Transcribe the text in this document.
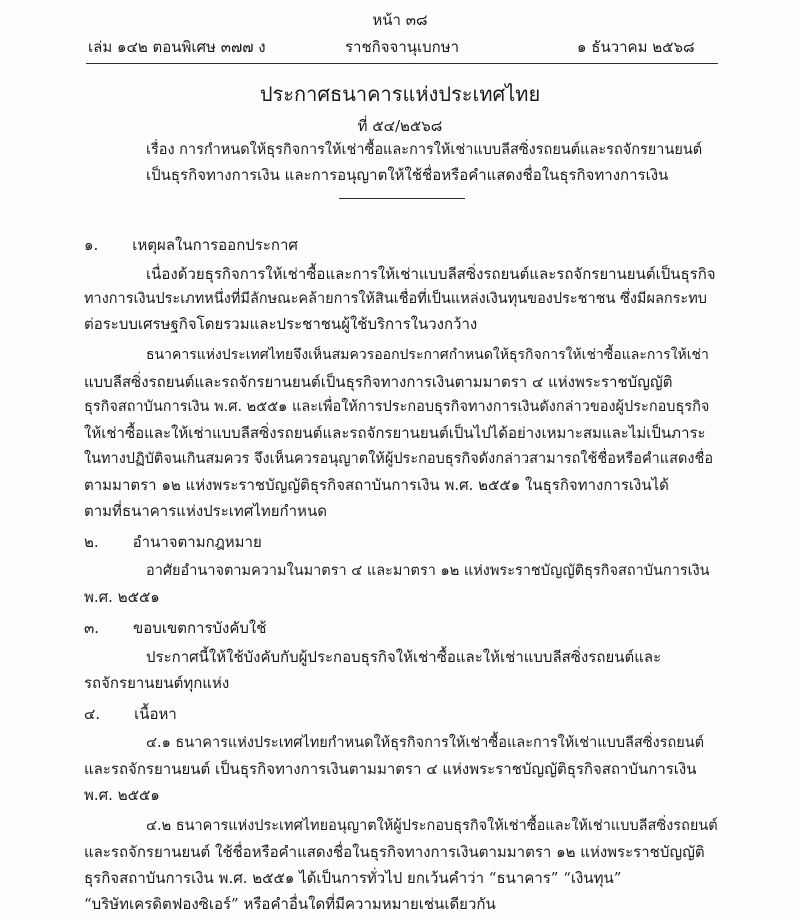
หน้า ๓๘
เล่ม ๑๔๒ ตอนพิเศษ ๓๗๗ ง	ราชกิจจานุเบกษา	๑ ธันวาคม ๒๕๖๘
ประกาศธนาคารแห่งประเทศไทย
ที่ ๕๔/๒๕๖๘
เรื่อง การกำหนดให้ธุรกิจการให้เช่าซื้อและการให้เช่าแบบลีสซิ่งรถยนต์และรถจักรยานยนต์
เป็นธุรกิจทางการเงิน และการอนุญาตให้ใช้ชื่อหรือคำแสดงชื่อในธุรกิจทางการเงิน
๑. เหตุผลในการออกประกาศ
เนื่องด้วยธุรกิจการให้เช่าซื้อและการให้เช่าแบบลีสซิ่งรถยนต์และรถจักรยานยนต์เป็นธุรกิจ
ทางการเงินประเภทหนึ่งที่มีลักษณะคล้ายการให้สินเชื่อที่เป็นแหล่งเงินทุนของประชาชน ซึ่งมีผลกระทบ
ต่อระบบเศรษฐกิจโดยรวมและประชาชนผู้ใช้บริการในวงกว้าง
ธนาคารแห่งประเทศไทยจึงเห็นสมควรออกประกาศกำหนดให้ธุรกิจการให้เช่าซื้อและการให้เช่า
แบบลีสซิ่งรถยนต์และรถจักรยานยนต์เป็นธุรกิจทางการเงินตามมาตรา ๔ แห่งพระราชบัญญัติ
ธุรกิจสถาบันการเงิน พ.ศ. ๒๕๕๑ และเพื่อให้การประกอบธุรกิจทางการเงินดังกล่าวของผู้ประกอบธุรกิจ
ให้เช่าซื้อและให้เช่าแบบลีสซิ่งรถยนต์และรถจักรยานยนต์เป็นไปได้อย่างเหมาะสมและไม่เป็นภาระ
ในทางปฏิบัติจนเกินสมควร จึงเห็นควรอนุญาตให้ผู้ประกอบธุรกิจดังกล่าวสามารถใช้ชื่อหรือคำแสดงชื่อ
ตามมาตรา ๑๒ แห่งพระราชบัญญัติธุรกิจสถาบันการเงิน พ.ศ. ๒๕๕๑ ในธุรกิจทางการเงินได้
ตามที่ธนาคารแห่งประเทศไทยกำหนด
๒. อำนาจตามกฎหมาย
อาศัยอำนาจตามความในมาตรา ๔ และมาตรา ๑๒ แห่งพระราชบัญญัติธุรกิจสถาบันการเงิน
พ.ศ. ๒๕๕๑
๓. ขอบเขตการบังคับใช้
ประกาศนี้ให้ใช้บังคับกับผู้ประกอบธุรกิจให้เช่าซื้อและให้เช่าแบบลีสซิ่งรถยนต์และ
รถจักรยานยนต์ทุกแห่ง
๔. เนื้อหา
๔.๑ ธนาคารแห่งประเทศไทยกำหนดให้ธุรกิจการให้เช่าซื้อและการให้เช่าแบบลีสซิ่งรถยนต์
และรถจักรยานยนต์ เป็นธุรกิจทางการเงินตามมาตรา ๔ แห่งพระราชบัญญัติธุรกิจสถาบันการเงิน
พ.ศ. ๒๕๕๑
๔.๒ ธนาคารแห่งประเทศไทยอนุญาตให้ผู้ประกอบธุรกิจให้เช่าซื้อและให้เช่าแบบลีสซิ่งรถยนต์
และรถจักรยานยนต์ ใช้ชื่อหรือคำแสดงชื่อในธุรกิจทางการเงินตามมาตรา ๑๒ แห่งพระราชบัญญัติ
ธุรกิจสถาบันการเงิน พ.ศ. ๒๕๕๑ ได้เป็นการทั่วไป ยกเว้นคำว่า “ธนาคาร” “เงินทุน”
“บริษัทเครดิตฟองซิเอร์” หรือคำอื่นใดที่มีความหมายเช่นเดียวกัน
